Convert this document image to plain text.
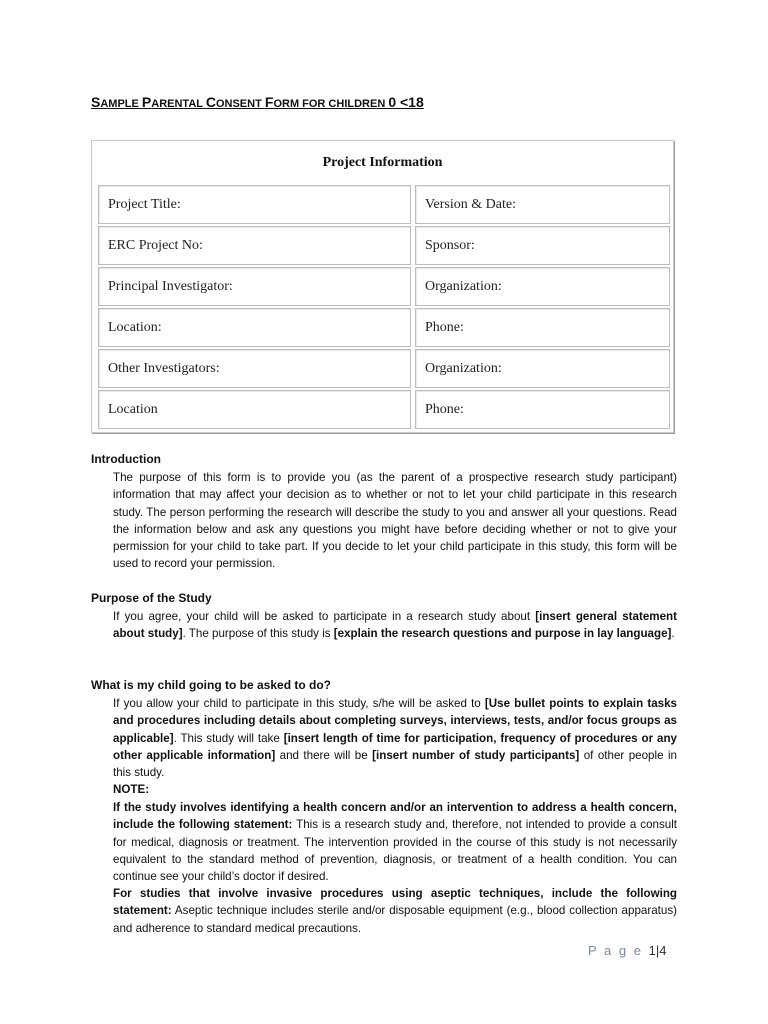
SAMPLE PARENTAL CONSENT FORM FOR CHILDREN 0 <18
Project Information
Project Title:	Version & Date:
ERC Project No:	Sponsor:
Principal Investigator:	Organization:
Location:	Phone:
Other Investigators:	Organization:
Location	Phone:
Introduction

The purpose of this form is to provide you (as the parent of a prospective research study participant) information that may affect your decision as to whether or not to let your child participate in this research study. The person performing the research will describe the study to you and answer all your questions. Read the information below and ask any questions you might have before deciding whether or not to give your permission for your child to take part. If you decide to let your child participate in this study, this form will be used to record your permission.

Purpose of the Study

If you agree, your child will be asked to participate in a research study about [insert general statement about study]. The purpose of this study is [explain the research questions and purpose in lay language].

What is my child going to be asked to do?

If you allow your child to participate in this study, s/he will be asked to [Use bullet points to explain tasks and procedures including details about completing surveys, interviews, tests, and/or focus groups as applicable]. This study will take [insert length of time for participation, frequency of procedures or any other applicable information] and there will be [insert number of study participants] of other people in this study.

NOTE:

If the study involves identifying a health concern and/or an intervention to address a health concern, include the following statement: This is a research study and, therefore, not intended to provide a consult for medical, diagnosis or treatment. The intervention provided in the course of this study is not necessarily equivalent to the standard method of prevention, diagnosis, or treatment of a health condition. You can continue see your child’s doctor if desired.

For studies that involve invasive procedures using aseptic techniques, include the following statement: Aseptic technique includes sterile and/or disposable equipment (e.g., blood collection apparatus) and adherence to standard medical precautions.

P a g e 1|4
